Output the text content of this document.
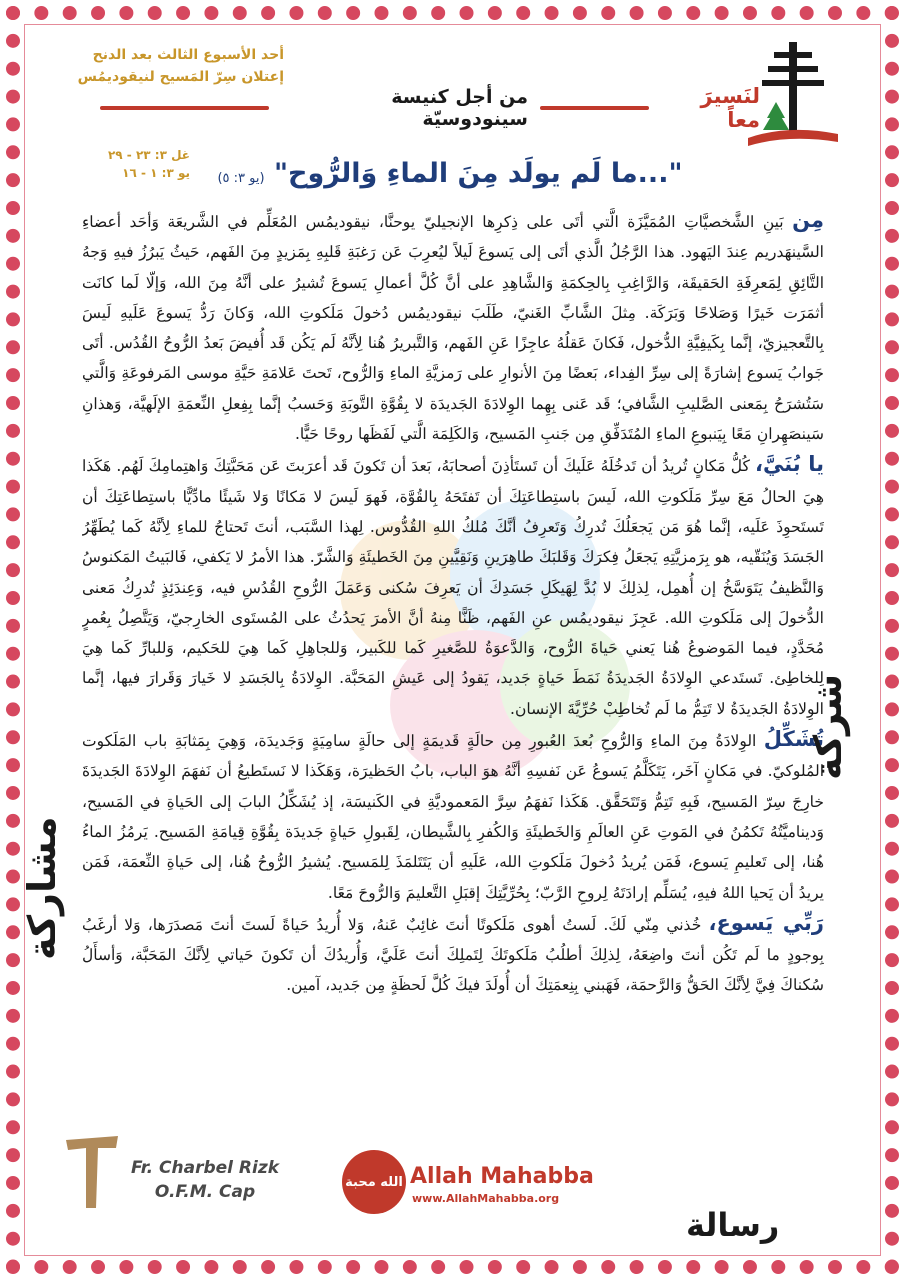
أحد الأسبوع الثالث بعد الدنح
إعتلان سِرّ المَسيح لنيقوديمُس
لنَسيرَ معاً
من أجل كنيسة سينودوسيّة
غل ٣: ٢٣ - ٢٩
يو ٣: ١ - ١٦	"...ما لَم يولَد مِنَ الماءِ وَالرُّوح" (يو ٣: ٥)

مِن بَينِ الشَّخصيَّاتِ المُمَيَّزَة الَّتي أتَى على ذِكرِها الإنجيليّ يوحنَّا، نيقوديمُس المُعَلِّم في الشَّريعَة وَأحَد أعضاءِ السَّينهَدريم عِندَ اليَهود. هذا الرَّجُلُ الَّذي أتَى إلى يَسوعَ لَيلاً ليُعرِبَ عَن رَغبَةِ قَلبِهِ بِمَزيدٍ مِنَ الفَهم، حَيثُ يَبرُزُ فيهِ وَجهُ التَّائِقِ لِمَعرِفَةِ الحَقيقَة، وَالرَّاغِبِ بِالحِكمَةِ وَالشَّاهِدِ على أنَّ كُلَّ أعمالِ يَسوعَ تُشيرُ على أنَّهُ مِنَ الله، وَإلّا لَما كانَت أثمَرَت خَيرًا وَصَلاحًا وَبَرَكَة. مِثلَ الشَّابِّ الغَنيّ، طَلَبَ نيقوديمُس دُخولَ مَلَكوتِ الله، وَكانَ رَدُّ يَسوعَ عَلَيهِ لَيسَ بِالتَّعجيزيّ، إنَّما بِكَيفِيَّةِ الدُّخول، فَكانَ عَقلُهُ عاجِزًا عَنِ الفَهم، وَالتَّبريرُ هُنا لِأنَّهُ لَم يَكُن قَد أُفيضَ بَعدُ الرُّوحُ القُدُس. أتَى جَوابُ يَسوع إشارَةً إلى سِرِّ الفِداء، بَعضًا مِنَ الأنوارِ على رَمزيَّةِ الماءِ وَالرُّوح، تَحتَ عَلامَةِ حَيَّةِ موسى المَرفوعَةِ وَالَّتي سَتُشرَحُ بِمَعنى الصَّليبِ الشَّافي؛ قَد عَنى بِهِما الوِلادَةَ الجَديدَة لا بِقُوَّةِ التَّوبَةِ وَحَسبُ إنَّما بِفِعلِ النِّعمَةِ الإلَهيَّة، وَهذانِ سَينصَهِرانِ مَعًا بِيَنبوعِ الماءِ المُتَدَفِّقِ مِن جَنبِ المَسيح، وَالكَلِمَة الَّتي لَفَظَها روحًا حَيًّا.

يا بُنَيَّ، كُلُّ مَكانٍ تُريدُ أن تَدخُلَهُ عَلَيكَ أن تَستَأذِنَ أصحابَهُ، بَعدَ أن تَكونَ قَد أعرَبتَ عَن مَحَبَّتِكَ وَاهتِمامِكَ لَهُم. هَكَذا هِيَ الحالُ مَعَ سِرِّ مَلَكوتِ الله، لَيسَ باستِطاعَتِكَ أن تَفتَحَهُ بِالقُوَّة، فَهوَ لَيسَ لا مَكانًا وَلا شَيئًا مادِّيًّا باستِطاعَتِكَ أن تَستَحوِذَ عَلَيه، إنَّما هُوَ مَن يَجعَلُكَ تُدرِكُ وَتَعرِفُ أنَّكَ مُلكُ اللهِ القُدُّوس. لِهذا السَّبَب، أنتَ تَحتاجُ للماءِ لِأنَّهُ كَما يُطَهِّرُ الجَسَدَ وَيُنَقّيه، هو بِرَمزيَّتِهِ يَجعَلُ فِكرَكَ وَقَلبَكَ طاهِرَينِ وَنَقِيَّينِ مِنَ الخَطيئَةِ وَالشَّرّ. هذا الأمرُ لا يَكفي، فَالبَيتُ المَكنوسُ وَالنَّظيفُ يَتَوَسَّخُ إن أُهمِل، لِذلِكَ لا بُدَّ لِهَيكَلِ جَسَدِكَ أن يَعرِفَ سُكنى وَعَمَلَ الرُّوحِ القُدُسِ فيه، وَعِندَئِذٍ تُدرِكُ مَعنى الدُّخولَ إلى مَلَكوتِ الله. عَجِزَ نيقوديمُس عنِ الفَهم، ظَنًّا مِنهُ أنَّ الأمرَ يَحدُثُ على المُستَوى الخارِجيّ، وَيَتَّصِلُ بِعُمرٍ مُحَدَّدٍ، فيما المَوضوعُ هُنا يَعني حَياةَ الرُّوح، وَالدَّعوَةُ للصَّغيرِ كَما للكَبير، وَللجاهِلِ كَما هِيَ للحَكيم، وَللبارِّ كَما هِيَ لِلخاطِئ. تَستَدعي الوِلادَةُ الجَديدَةُ نَمَطَ حَياةٍ جَديد، يَقودُ إلى عَيشِ المَحَبَّة. الوِلادَةُ بِالجَسَدِ لا خَيارَ وَقَرارَ فيها، إنَّما الوِلادَةُ الجَديدَةُ لا تَتِمُّ ما لَم تُخاطِبْ حُرِّيَّةَ الإنسان.

تُشَكِّلُ الوِلادَةُ مِنَ الماءِ وَالرُّوحِ بُعدَ العُبورِ مِن حالَةٍ قَديمَةٍ إلى حالَةٍ سامِيَةٍ وَجَديدَة، وَهِيَ بِمَثابَةِ باب المَلَكوت المُلوكيّ. في مَكانٍ آخَر، يَتَكَلَّمُ يَسوعُ عَن نَفسِهِ أنَّهُ هوَ الباب، بابُ الحَظيرَة، وَهَكَذا لا نَستَطيعُ أن نَفهَمَ الوِلادَةَ الجَديدَةَ خارِجَ سِرّ المَسيح، فَبِهِ تَتِمُّ وَتَتَحَقَّق. هَكَذا نَفهَمُ سِرَّ المَعموديَّةِ في الكَنيسَة، إذ يُشَكِّلُ البابَ إلى الحَياةِ في المَسيح، وَديناميَّتُهُ تَكمُنُ في المَوتِ عَنِ العالَمِ وَالخَطيئَةِ وَالكُفرِ بِالشَّيطان، لِقَبولِ حَياةٍ جَديدَة بِقُوَّةِ قِيامَةِ المَسيح. يَرمُزُ الماءُ هُنا، إلى تَعليمِ يَسوع، فَمَن يُريدُ دُخولَ مَلَكوتِ الله، عَلَيهِ أن يَتَتَلمَذَ لِلمَسيح. يُشيرُ الرُّوحُ هُنا، إلى حَياةِ النِّعمَة، فَمَن يريدُ أن يَحيا اللهُ فيهِ، يُسَلِّم إرادَتَهُ لِروحِ الرَّبّ؛ بِحُرِّيَّتِكَ إقبَلِ التَّعليمَ وَالرُّوحَ مَعًا.

رَبِّي يَسوع، خُذني مِنّي لَكَ. لَستُ أهوى مَلَكوتًا أنتَ غائِبٌ عَنهُ، وَلا أُريدُ حَياةً لَستَ أنتَ مَصدَرَها، وَلا أرغَبُ بِوجودٍ ما لَم تَكُن أنتَ واضِعَهُ، لِذلِكَ أطلُبُ مَلَكوتَكَ لِتَملِكَ أنتَ عَلَيَّ، وَأُريدُكَ أن تَكونَ حَياتي لِأنَّكَ المَحَبَّة، وَأسأَلُ سُكناكَ فِيَّ لِأنَّكَ الحَقُّ وَالرَّحمَة، فَهَبني بِنِعمَتِكَ أن أُولَدَ فيكَ كُلَّ لَحظَةٍ مِن جَديد، آمين.

شركة
مشاركة
رسالة
Fr. Charbel Rizk
O.F.M. Cap	الله محبة Allah Mahabba
www.AllahMahabba.org
